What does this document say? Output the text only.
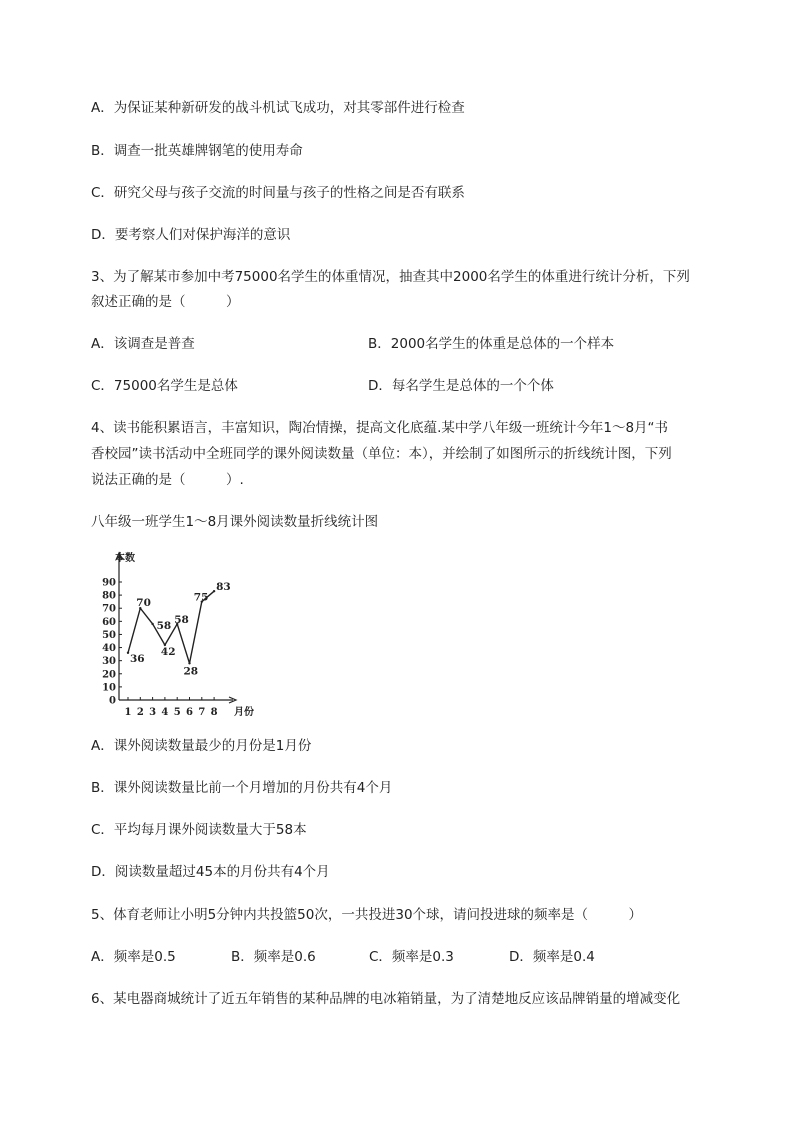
A．为保证某种新研发的战斗机试飞成功，对其零部件进行检查
B．调查一批英雄牌钢笔的使用寿命
C．研究父母与孩子交流的时间量与孩子的性格之间是否有联系
D．要考察人们对保护海洋的意识
3、为了解某市参加中考75000名学生的体重情况，抽查其中2000名学生的体重进行统计分析，下列
叙述正确的是（　　　）
A．该调查是普查	B．2000名学生的体重是总体的一个样本
C．75000名学生是总体	D．每名学生是总体的一个个体
4、读书能积累语言，丰富知识，陶冶情操，提高文化底蕴.某中学八年级一班统计今年1～8月“书
香校园”读书活动中全班同学的课外阅读数量（单位：本），并绘制了如图所示的折线统计图，下列
说法正确的是（　　　）.
八年级一班学生1～8月课外阅读数量折线统计图
本数
月份
0
10
20
30
40
50
60
70
80
90
1 2 3 4 5 6 7 8
36
70
58
42
58
28
75
83
A．课外阅读数量最少的月份是1月份
B．课外阅读数量比前一个月增加的月份共有4个月
C．平均每月课外阅读数量大于58本
D．阅读数量超过45本的月份共有4个月
5、体育老师让小明5分钟内共投篮50次，一共投进30个球，请问投进球的频率是（　　　）
A．频率是0.5	B．频率是0.6	C．频率是0.3	D．频率是0.4
6、某电器商城统计了近五年销售的某种品牌的电冰箱销量，为了清楚地反应该品牌销量的增减变化
